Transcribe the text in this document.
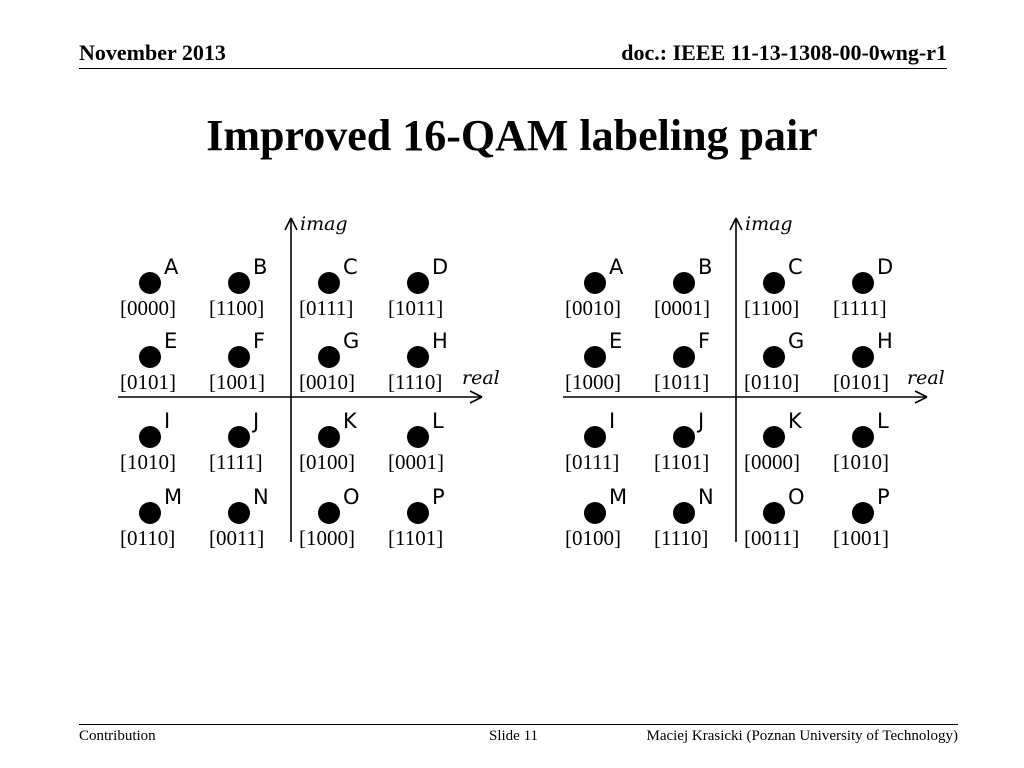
November 2013	doc.: IEEE 11-13-1308-00-0wng-r1
Improved 16-QAM labeling pair
imag
real
A
[0000]
B
[1100]
C
[0111]
D
[1011]
E
[0101]
F
[1001]
G
[0010]
H
[1110]
I
[1010]
J
[1111]
K
[0100]
L
[0001]
M
[0110]
N
[0011]
O
[1000]
P
[1101]
imag
real
A
[0010]
B
[0001]
C
[1100]
D
[1111]
E
[1000]
F
[1011]
G
[0110]
H
[0101]
I
[0111]
J
[1101]
K
[0000]
L
[1010]
M
[0100]
N
[1110]
O
[0011]
P
[1001]
Contribution	Slide 11	Maciej Krasicki (Poznan University of Technology)
